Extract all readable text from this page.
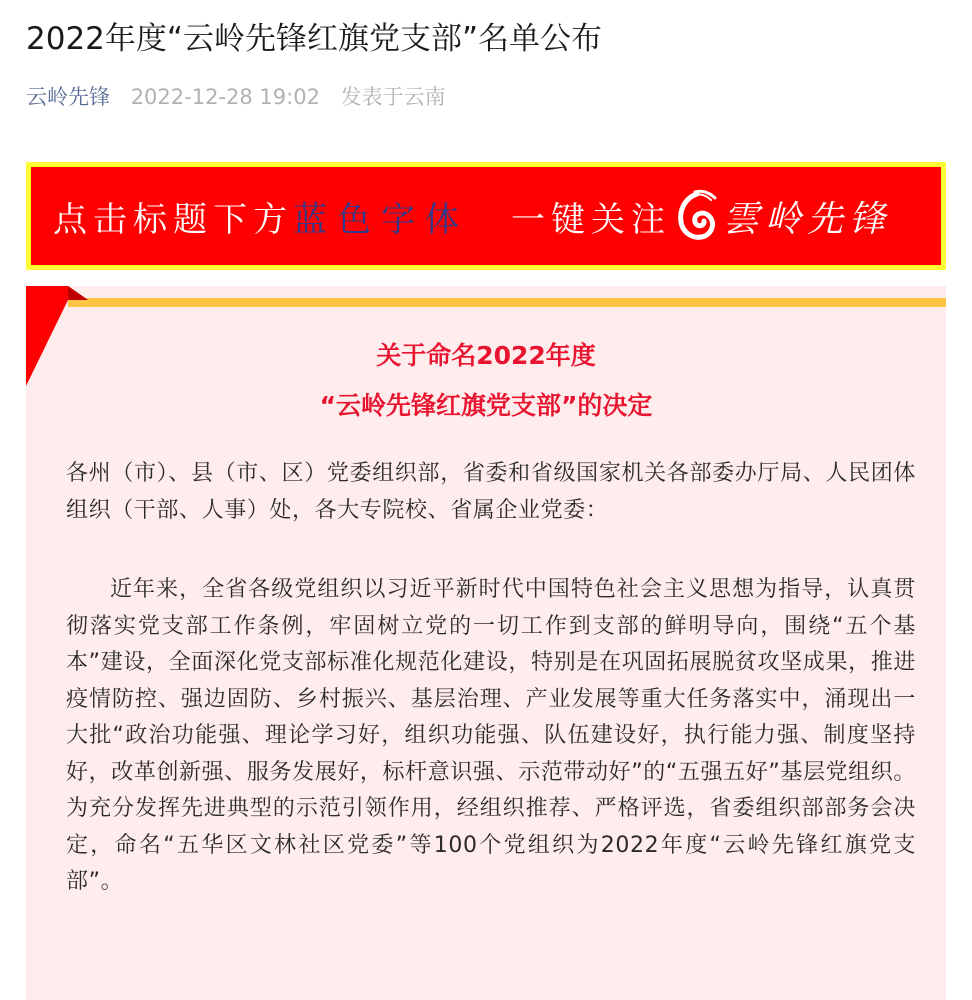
2022年度“云岭先锋红旗党支部”名单公布
云岭先锋 2022-12-28 19:02 发表于云南
点击标题下方 蓝色字体 一键关注 雲岭先锋
关于命名2022年度
“云岭先锋红旗党支部”的决定

各州（市）、县（市、区）党委组织部，省委和省级国家机关各部委办厅局、人民团体组织（干部、人事）处，各大专院校、省属企业党委：

近年来，全省各级党组织以习近平新时代中国特色社会主义思想为指导，认真贯彻落实党支部工作条例，牢固树立党的一切工作到支部的鲜明导向，围绕“五个基本”建设，全面深化党支部标准化规范化建设，特别是在巩固拓展脱贫攻坚成果，推进疫情防控、强边固防、乡村振兴、基层治理、产业发展等重大任务落实中，涌现出一大批“政治功能强、理论学习好，组织功能强、队伍建设好，执行能力强、制度坚持好，改革创新强、服务发展好，标杆意识强、示范带动好”的“五强五好”基层党组织。为充分发挥先进典型的示范引领作用，经组织推荐、严格评选，省委组织部部务会决定，命名“五华区文林社区党委”等100个党组织为2022年度“云岭先锋红旗党支部”。
